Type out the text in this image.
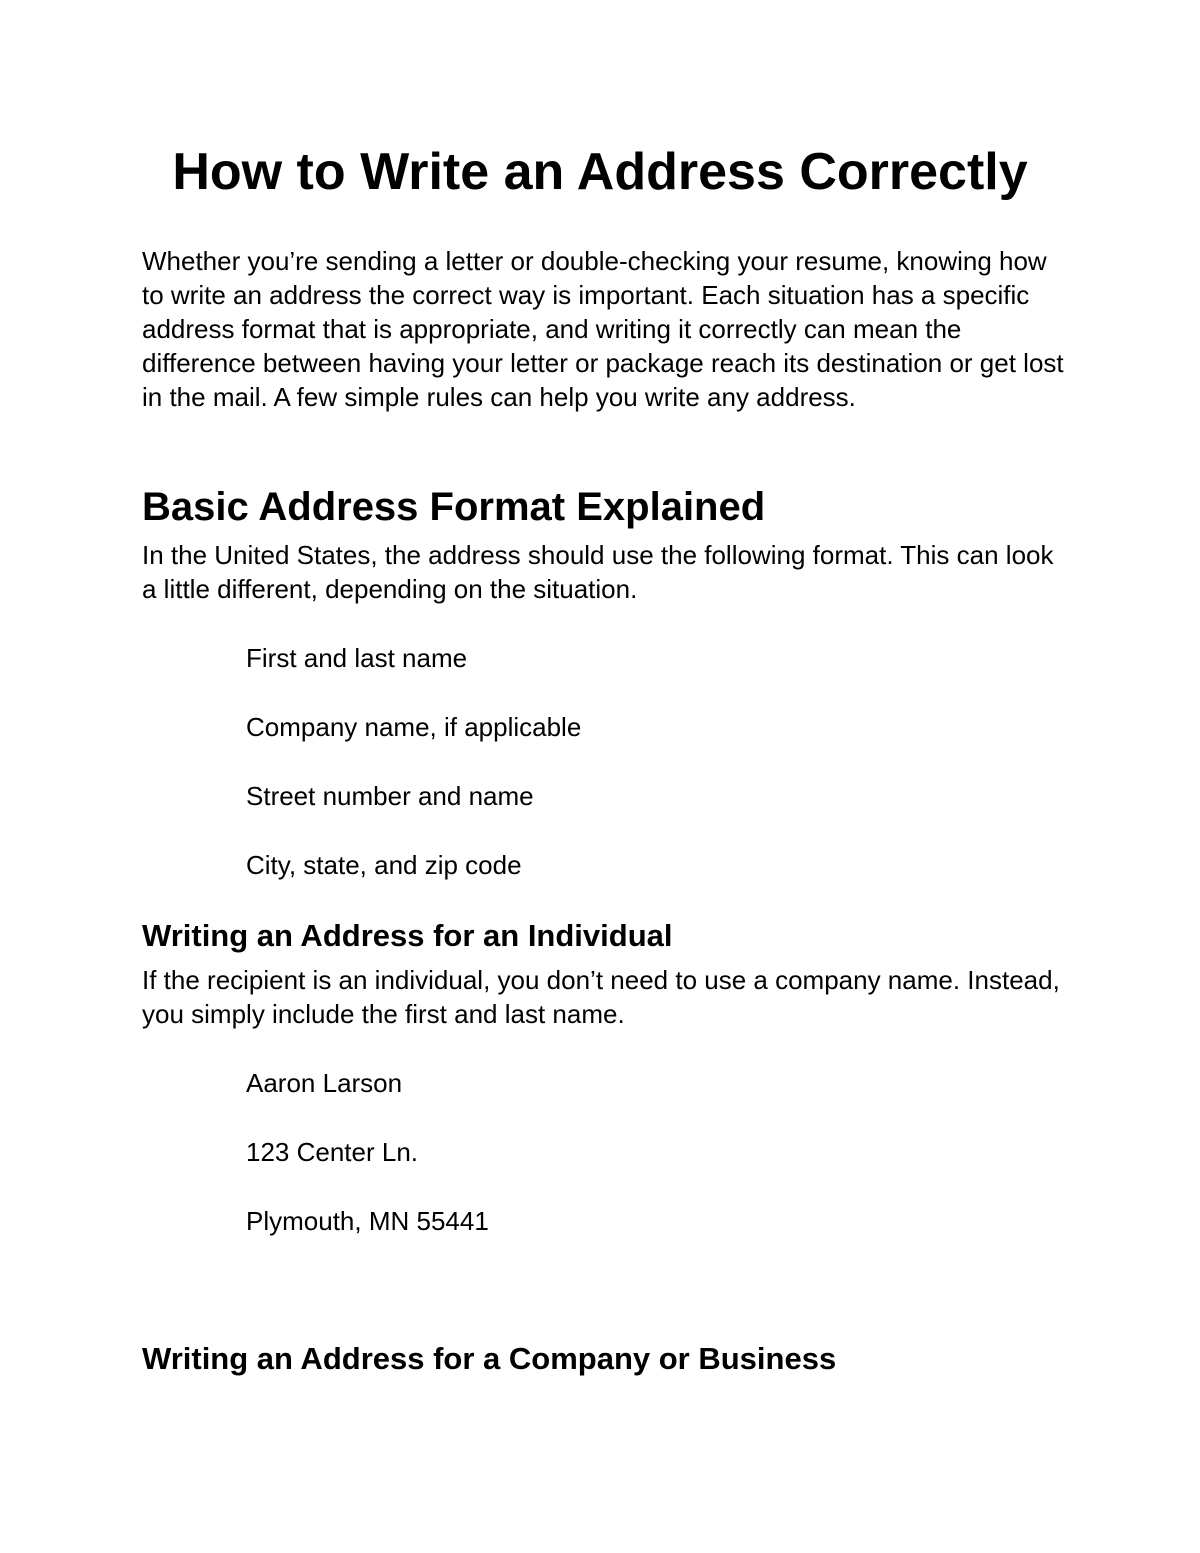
How to Write an Address Correctly

Whether you’re sending a letter or double-checking your resume, knowing how to write an address the correct way is important. Each situation has a specific address format that is appropriate, and writing it correctly can mean the difference between having your letter or package reach its destination or get lost in the mail. A few simple rules can help you write any address.

Basic Address Format Explained

In the United States, the address should use the following format. This can look a little different, depending on the situation.

First and last name

Company name, if applicable

Street number and name

City, state, and zip code

Writing an Address for an Individual

If the recipient is an individual, you don’t need to use a company name. Instead, you simply include the first and last name.

Aaron Larson

123 Center Ln.

Plymouth, MN 55441

Writing an Address for a Company or Business
